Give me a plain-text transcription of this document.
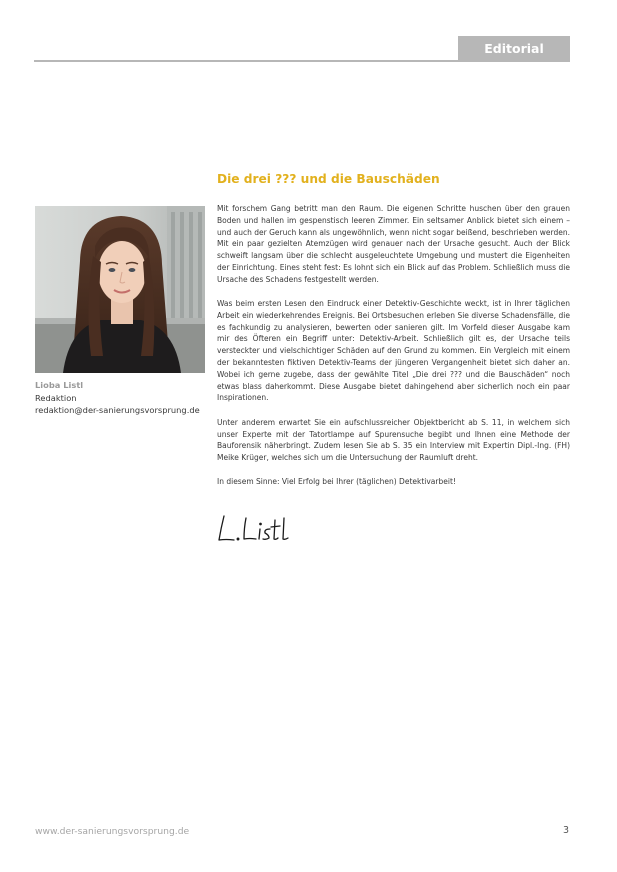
Editorial
Die drei ??? und die Bauschäden
Lioba Listl
Redaktion
redaktion@der-sanierungsvorsprung.de

Mit forschem Gang betritt man den Raum. Die eigenen Schritte huschen über den grauen Boden und hallen im gespenstisch leeren Zimmer. Ein seltsamer Anblick bietet sich einem – und auch der Geruch kann als ungewöhnlich, wenn nicht sogar beißend, beschrieben werden. Mit ein paar gezielten Atemzügen wird genauer nach der Ursache gesucht. Auch der Blick schweift langsam über die schlecht ausgeleuchtete Umgebung und mustert die Eigenheiten der Einrichtung. Eines steht fest: Es lohnt sich ein Blick auf das Problem. Schließlich muss die Ursache des Schadens festgestellt werden.

Was beim ersten Lesen den Eindruck einer Detektiv-Geschichte weckt, ist in Ihrer täglichen Arbeit ein wiederkehrendes Ereignis. Bei Ortsbesuchen erleben Sie diverse Schadensfälle, die es fachkundig zu analysieren, bewerten oder sanieren gilt. Im Vorfeld dieser Ausgabe kam mir des Öfteren ein Begriff unter: Detektiv-Arbeit. Schließlich gilt es, der Ursache teils versteckter und vielschichtiger Schäden auf den Grund zu kommen. Ein Vergleich mit einem der bekanntesten fiktiven Detektiv-Teams der jüngeren Vergangenheit bietet sich daher an. Wobei ich gerne zugebe, dass der gewählte Titel „Die drei ??? und die Bauschäden“ noch etwas blass daherkommt. Diese Ausgabe bietet dahingehend aber sicherlich noch ein paar Inspirationen.

Unter anderem erwartet Sie ein aufschlussreicher Objektbericht ab S. 11, in welchem sich unser Experte mit der Tatortlampe auf Spurensuche begibt und Ihnen eine Methode der Bauforensik näherbringt. Zudem lesen Sie ab S. 35 ein Interview mit Expertin Dipl.-Ing. (FH) Meike Krüger, welches sich um die Untersuchung der Raumluft dreht.

In diesem Sinne: Viel Erfolg bei Ihrer (täglichen) Detektivarbeit!

www.der-sanierungsvorsprung.de	3
